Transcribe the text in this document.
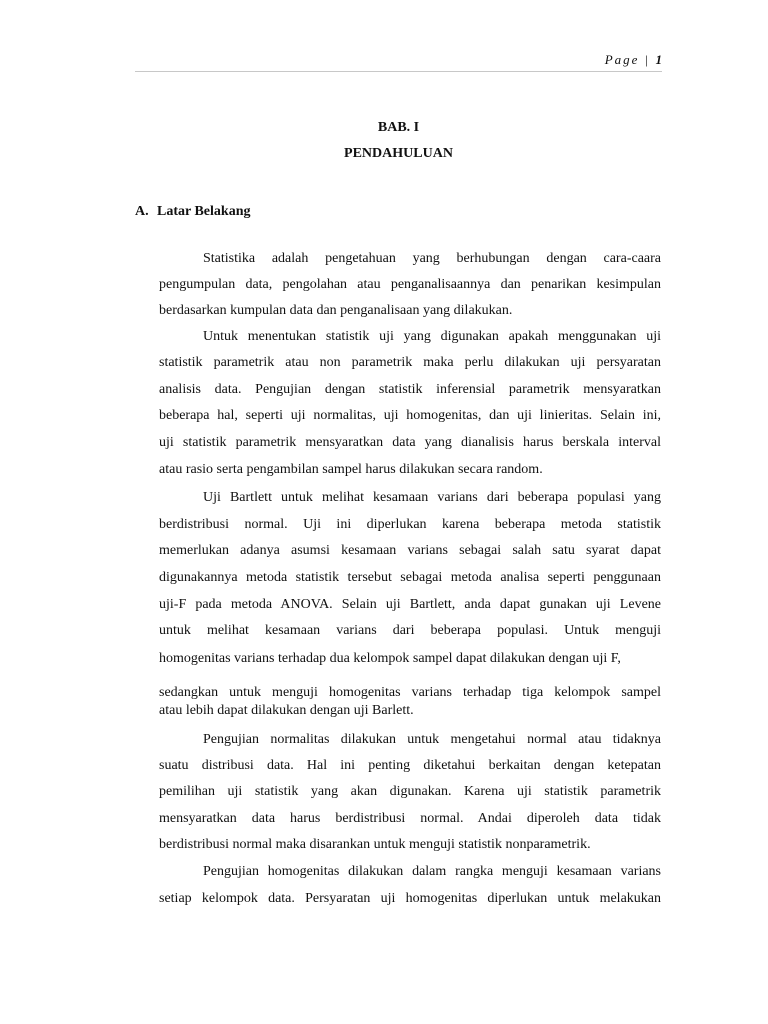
Page | 1
BAB. I
PENDAHULUAN
A. Latar Belakang
Statistika adalah pengetahuan yang berhubungan dengan cara-caara
pengumpulan data, pengolahan atau penganalisaannya dan penarikan kesimpulan
berdasarkan kumpulan data dan penganalisaan yang dilakukan.
Untuk menentukan statistik uji yang digunakan apakah menggunakan uji
statistik parametrik atau non parametrik maka perlu dilakukan uji persyaratan
analisis data. Pengujian dengan statistik inferensial parametrik mensyaratkan
beberapa hal, seperti uji normalitas, uji homogenitas, dan uji linieritas. Selain ini,
uji statistik parametrik mensyaratkan data yang dianalisis harus berskala interval
atau rasio serta pengambilan sampel harus dilakukan secara random.
Uji Bartlett untuk melihat kesamaan varians dari beberapa populasi yang
berdistribusi normal. Uji ini diperlukan karena beberapa metoda statistik
memerlukan adanya asumsi kesamaan varians sebagai salah satu syarat dapat
digunakannya metoda statistik tersebut sebagai metoda analisa seperti penggunaan
uji-F pada metoda ANOVA. Selain uji Bartlett, anda dapat gunakan uji Levene
untuk melihat kesamaan varians dari beberapa populasi. Untuk menguji
homogenitas varians terhadap dua kelompok sampel dapat dilakukan dengan uji F,
sedangkan untuk menguji homogenitas varians terhadap tiga kelompok sampel
atau lebih dapat dilakukan dengan uji Barlett.
Pengujian normalitas dilakukan untuk mengetahui normal atau tidaknya
suatu distribusi data. Hal ini penting diketahui berkaitan dengan ketepatan
pemilihan uji statistik yang akan digunakan. Karena uji statistik parametrik
mensyaratkan data harus berdistribusi normal. Andai diperoleh data tidak
berdistribusi normal maka disarankan untuk menguji statistik nonparametrik.
Pengujian homogenitas dilakukan dalam rangka menguji kesamaan varians
setiap kelompok data. Persyaratan uji homogenitas diperlukan untuk melakukan
